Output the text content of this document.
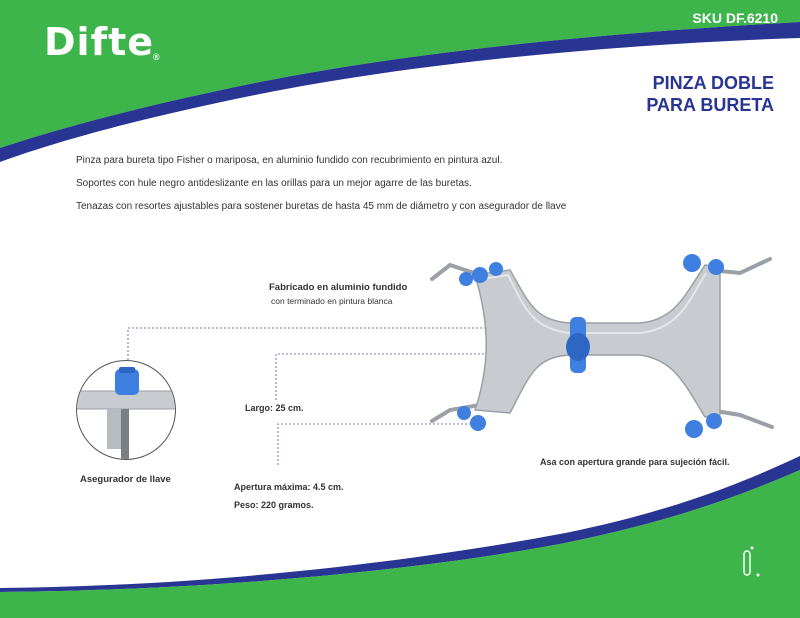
Difte
®
SKU DF.6210
PINZA DOBLE
PARA BURETA
Pinza para bureta tipo Fisher o mariposa, en aluminio fundido con recubrimiento en pintura azul.
Soportes con hule negro antideslizante en las orillas para un mejor agarre de las buretas.
Tenazas con resortes ajustables para sostener buretas de hasta 45 mm de diámetro y con asegurador de llave
Fabricado en aluminio fundido
con terminado en pintura blanca
Largo: 25 cm.
Asegurador de llave
Apertura máxima: 4.5 cm.
Peso: 220 gramos.
Asa con apertura grande para sujeción fácil.
